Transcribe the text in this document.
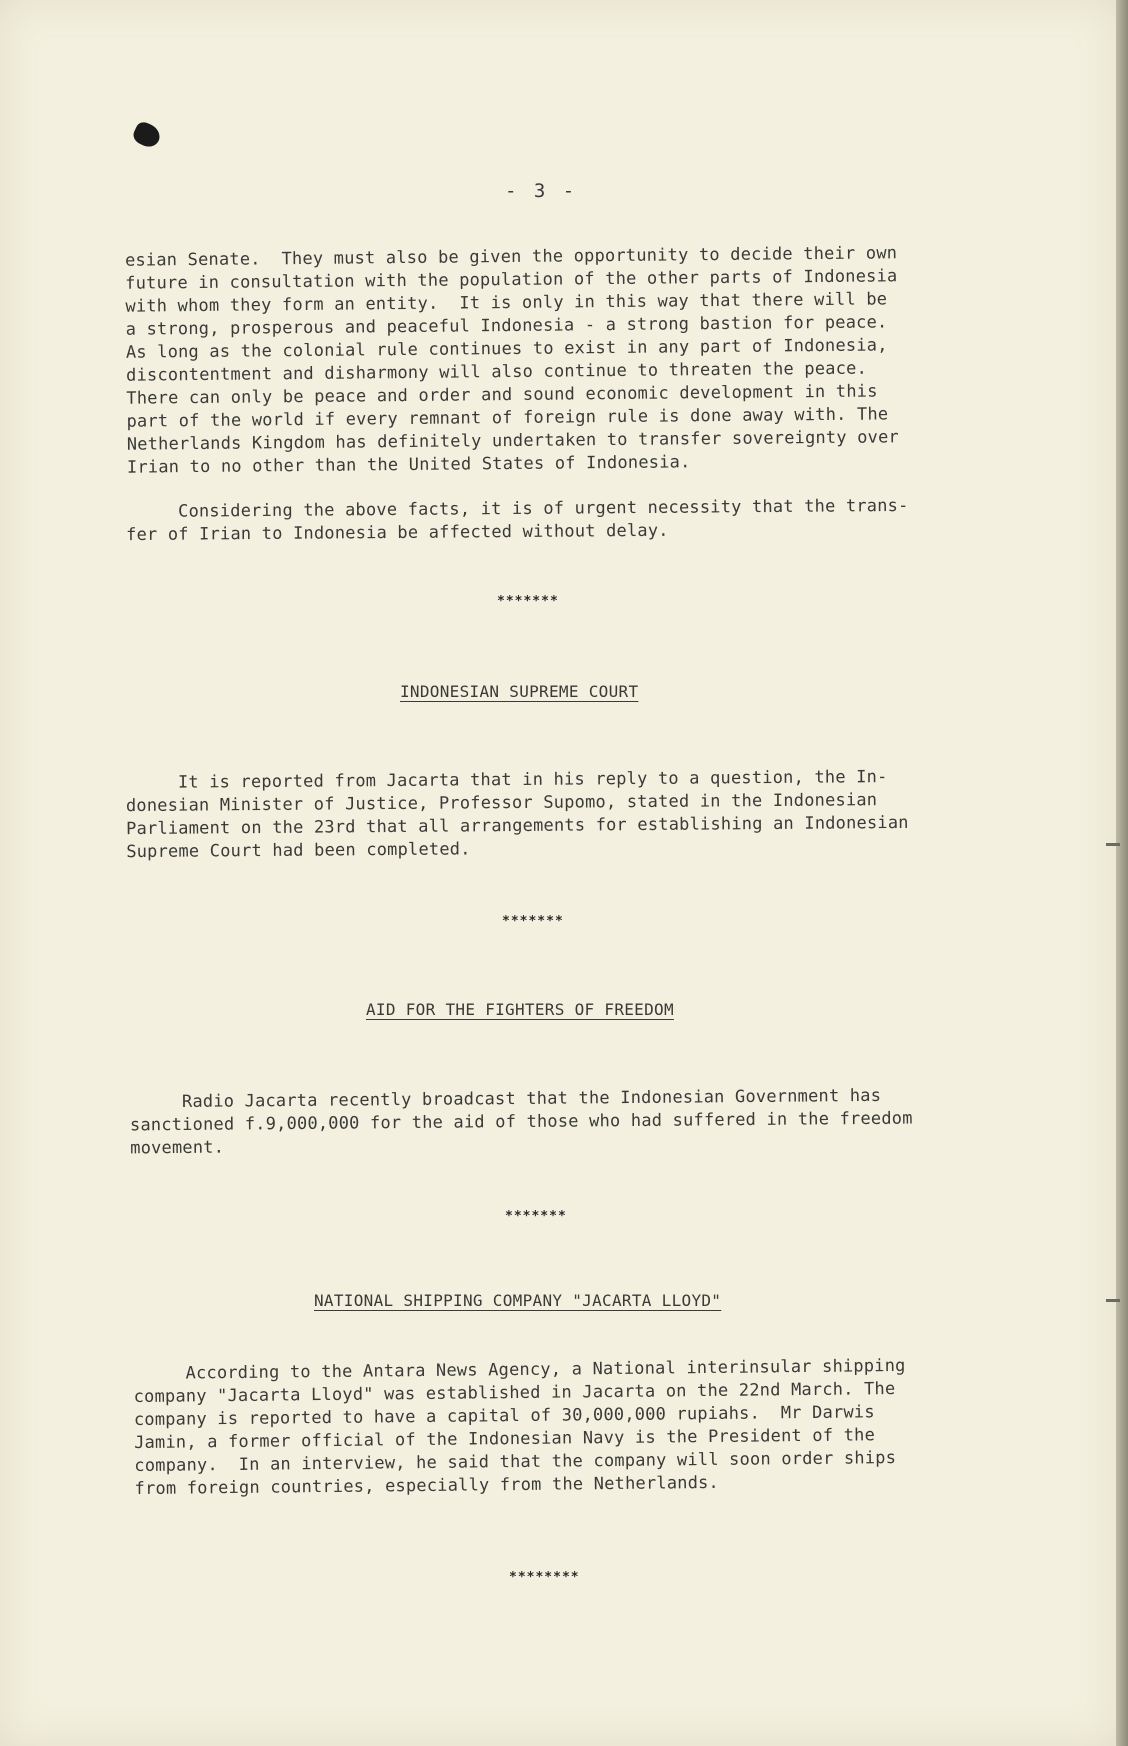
- 3 -

esian Senate.  They must also be given the opportunity to decide their own
future in consultation with the population of the other parts of Indonesia
with whom they form an entity.  It is only in this way that there will be
a strong, prosperous and peaceful Indonesia - a strong bastion for peace.
As long as the colonial rule continues to exist in any part of Indonesia,
discontentment and disharmony will also continue to threaten the peace.
There can only be peace and order and sound economic development in this
part of the world if every remnant of foreign rule is done away with. The
Netherlands Kingdom has definitely undertaken to transfer sovereignty over
Irian to no other than the United States of Indonesia.

Considering the above facts, it is of urgent necessity that the trans-
fer of Irian to Indonesia be affected without delay.

*******
INDONESIAN SUPREME COURT

It is reported from Jacarta that in his reply to a question, the In-
donesian Minister of Justice, Professor Supomo, stated in the Indonesian
Parliament on the 23rd that all arrangements for establishing an Indonesian
Supreme Court had been completed.

*******
AID FOR THE FIGHTERS OF FREEDOM

Radio Jacarta recently broadcast that the Indonesian Government has
sanctioned f.9,000,000 for the aid of those who had suffered in the freedom
movement.

*******
NATIONAL SHIPPING COMPANY "JACARTA LLOYD"

According to the Antara News Agency, a National interinsular shipping
company "Jacarta Lloyd" was established in Jacarta on the 22nd March. The
company is reported to have a capital of 30,000,000 rupiahs.  Mr Darwis
Jamin, a former official of the Indonesian Navy is the President of the
company.  In an interview, he said that the company will soon order ships
from foreign countries, especially from the Netherlands.

********
